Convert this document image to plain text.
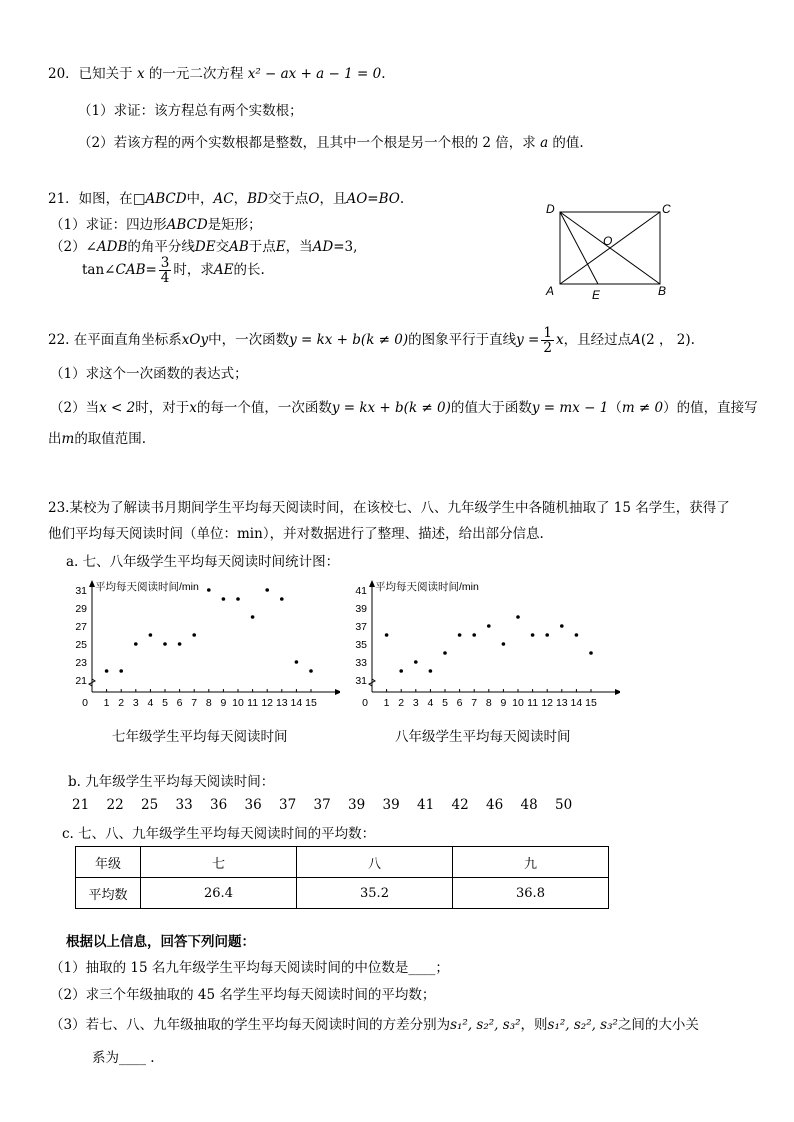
20．已知关于 x 的一元二次方程 x² − ax + a − 1 = 0.
（1）求证：该方程总有两个实数根；
（2）若该方程的两个实数根都是整数，且其中一个根是另一个根的 2 倍，求 a 的值.
21．如图，在□ABCD中，AC，BD交于点O，且AO=BO.
（1）求证：四边形ABCD是矩形；
（2）∠ADB的角平分线DE交AB于点E，当AD=3,
tan∠CAB= $\frac{3}{4}$ 时，求AE的长.
D	C
O
A	E	B
22. 在平面直角坐标系xOy中，一次函数y = kx + b(k ≠ 0)的图象平行于直线$y = \frac{1}{2}$ x，且经过点A(2 ， 2).
（1）求这个一次函数的表达式；
（2）当x < 2时，对于x的每一个值，一次函数y = kx + b(k ≠ 0)的值大于函数y = mx − 1（m ≠ 0）的值，直接写
出m的取值范围.
23.某校为了解读书月期间学生平均每天阅读时间，在该校七、八、九年级学生中各随机抽取了 15 名学生，获得了
他们平均每天阅读时间（单位：min），并对数据进行了整理、描述，给出部分信息.
a. 七、八年级学生平均每天阅读时间统计图：
平均每天阅读时间/min
0
21
23
25
27
29
31
1 2 3 4 5 6 7 8 9 10 11 12 13 14 15
平均每天阅读时间/min
0
31
33
35
37
39
41
1 2 3 4 5 6 7 8 9 10 11 12 13 14 15
七年级学生平均每天阅读时间	八年级学生平均每天阅读时间
b. 九年级学生平均每天阅读时间：
21 22 25 33 36 36 37 37 39 39 41 42 46 48 50
c. 七、八、九年级学生平均每天阅读时间的平均数：
年级	七	八	九
平均数	26.4	35.2	36.8
根据以上信息，回答下列问题：
（1）抽取的 15 名九年级学生平均每天阅读时间的中位数是____；
（2）求三个年级抽取的 45 名学生平均每天阅读时间的平均数；
（3）若七、八、九年级抽取的学生平均每天阅读时间的方差分别为s₁², s₂², s₃²，则s₁², s₂², s₃²之间的大小关
系为____ .
